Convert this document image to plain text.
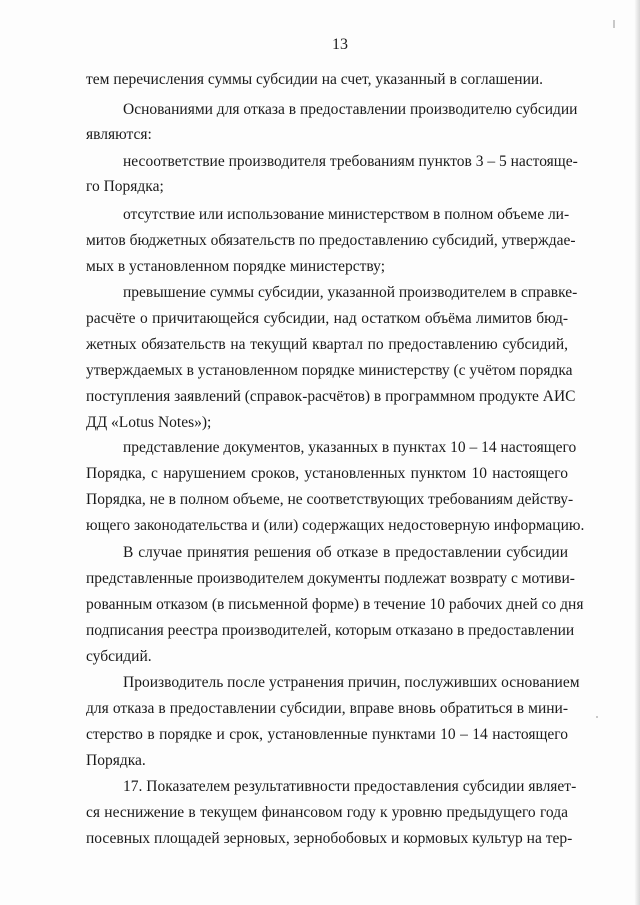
13
тем перечисления суммы субсидии на счет, указанный в соглашении.
Основаниями для отказа в предоставлении производителю субсидии
являются:
несоответствие производителя требованиям пунктов 3 – 5 настояще-
го Порядка;
отсутствие или использование министерством в полном объеме ли-
митов бюджетных обязательств по предоставлению субсидий, утверждае-
мых в установленном порядке министерству;
превышение суммы субсидии, указанной производителем в справке-
расчёте о причитающейся субсидии, над остатком объёма лимитов бюд-
жетных обязательств на текущий квартал по предоставлению субсидий,
утверждаемых в установленном порядке министерству (с учётом порядка
поступления заявлений (справок-расчётов) в программном продукте АИС
ДД «Lotus Notes»);
представление документов, указанных в пунктах 10 – 14 настоящего
Порядка, с нарушением сроков, установленных пунктом 10 настоящего
Порядка, не в полном объеме, не соответствующих требованиям действу-
ющего законодательства и (или) содержащих недостоверную информацию.
В случае принятия решения об отказе в предоставлении субсидии
представленные производителем документы подлежат возврату с мотиви-
рованным отказом (в письменной форме) в течение 10 рабочих дней со дня
подписания реестра производителей, которым отказано в предоставлении
субсидий.
Производитель после устранения причин, послуживших основанием
для отказа в предоставлении субсидии, вправе вновь обратиться в мини-
стерство в порядке и срок, установленные пунктами 10 – 14 настоящего
Порядка.
17. Показателем результативности предоставления субсидии являет-
ся неснижение в текущем финансовом году к уровню предыдущего года
посевных площадей зерновых, зернобобовых и кормовых культур на тер-
